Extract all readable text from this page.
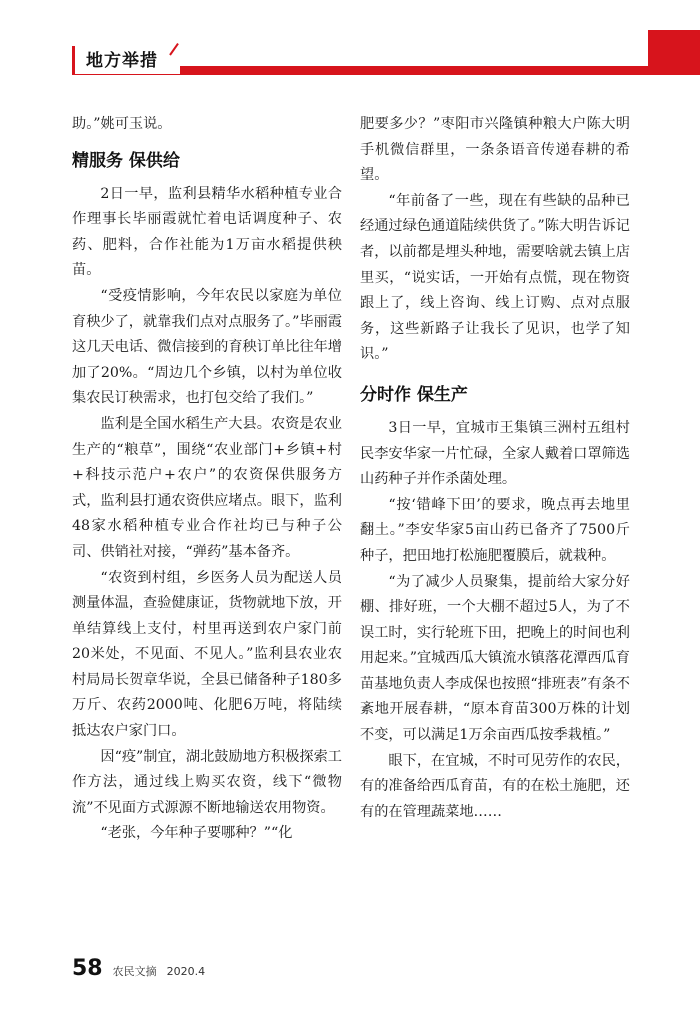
地方举措

助。”姚可玉说。

精服务 保供给

2日一早，监利县精华水稻种植专业合作理事长毕丽霞就忙着电话调度种子、农药、肥料，合作社能为1万亩水稻提供秧苗。

“受疫情影响，今年农民以家庭为单位育秧少了，就靠我们点对点服务了。”毕丽霞这几天电话、微信接到的育秧订单比往年增加了20%。“周边几个乡镇，以村为单位收集农民订秧需求，也打包交给了我们。”

监利是全国水稻生产大县。农资是农业生产的“粮草”，围绕“农业部门+乡镇+村+科技示范户+农户”的农资保供服务方式，监利县打通农资供应堵点。眼下，监利48家水稻种植专业合作社均已与种子公司、供销社对接，“弹药”基本备齐。

“农资到村组，乡医务人员为配送人员测量体温，查验健康证，货物就地下放，开单结算线上支付，村里再送到农户家门前20米处，不见面、不见人。”监利县农业农村局局长贺章华说，全县已储备种子180多万斤、农药2000吨、化肥6万吨，将陆续抵达农户家门口。

因“疫”制宜，湖北鼓励地方积极探索工作方法，通过线上购买农资，线下“微物流”不见面方式源源不断地输送农用物资。

“老张，今年种子要哪种？”“化

肥要多少？”枣阳市兴隆镇种粮大户陈大明手机微信群里，一条条语音传递春耕的希望。

“年前备了一些，现在有些缺的品种已经通过绿色通道陆续供货了。”陈大明告诉记者，以前都是埋头种地，需要啥就去镇上店里买，“说实话，一开始有点慌，现在物资跟上了，线上咨询、线上订购、点对点服务，这些新路子让我长了见识，也学了知识。”

分时作 保生产

3日一早，宜城市王集镇三洲村五组村民李安华家一片忙碌，全家人戴着口罩筛选山药种子并作杀菌处理。

“按‘错峰下田’的要求，晚点再去地里翻土。”李安华家5亩山药已备齐了7500斤种子，把田地打松施肥覆膜后，就栽种。

“为了减少人员聚集，提前给大家分好棚、排好班，一个大棚不超过5人，为了不误工时，实行轮班下田，把晚上的时间也利用起来。”宜城西瓜大镇流水镇落花潭西瓜育苗基地负责人李成保也按照“排班表”有条不紊地开展春耕，“原本育苗300万株的计划不变，可以满足1万余亩西瓜按季栽植。”

眼下，在宜城，不时可见劳作的农民，有的准备给西瓜育苗，有的在松土施肥，还有的在管理蔬菜地……

58 农民文摘 2020.4
